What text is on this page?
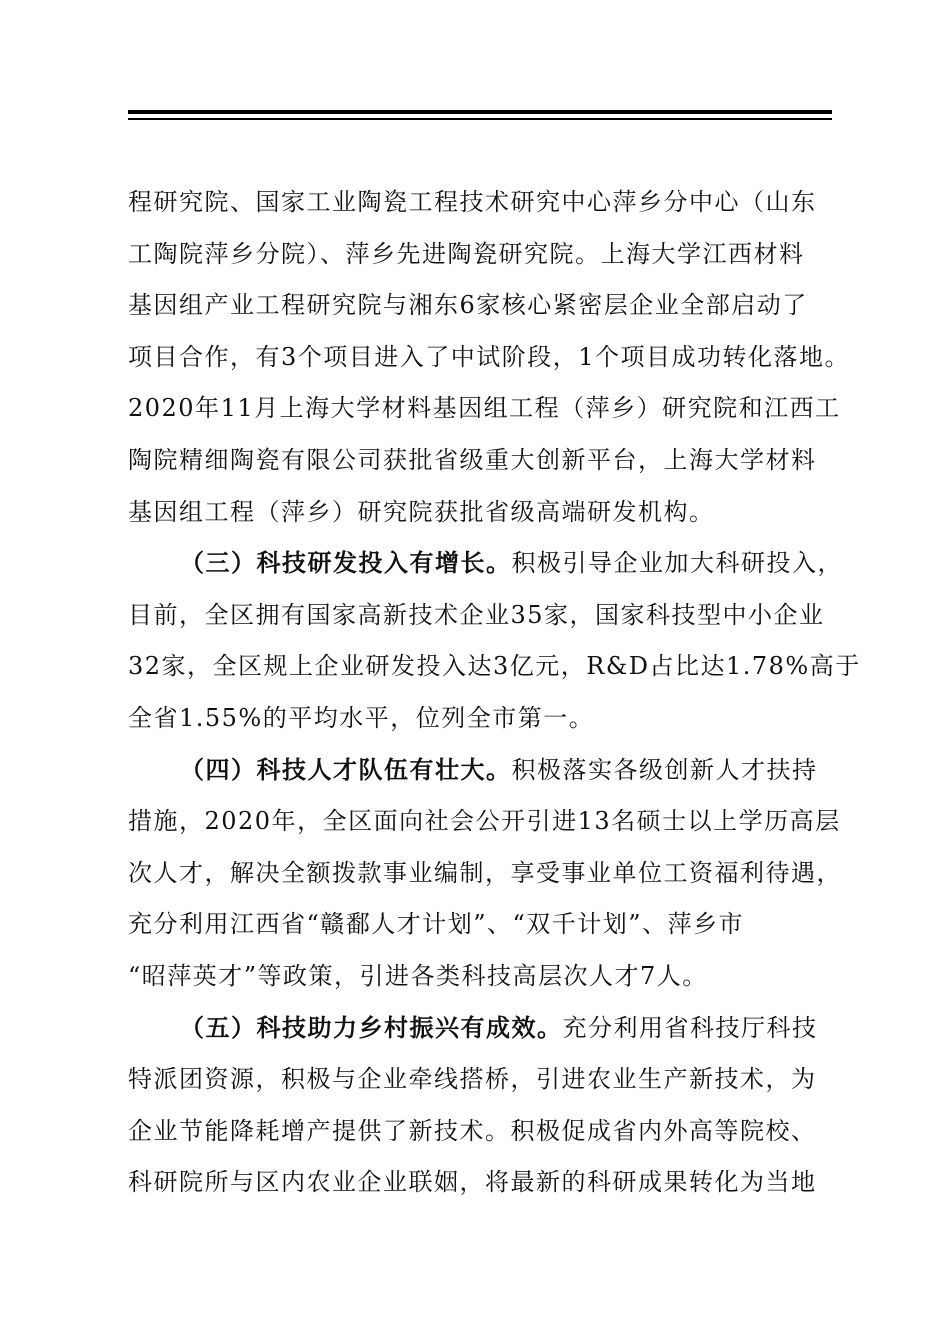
程研究院、国家工业陶瓷工程技术研究中心萍乡分中心（山东
工陶院萍乡分院）、萍乡先进陶瓷研究院。上海大学江西材料
基因组产业工程研究院与湘东6家核心紧密层企业全部启动了
项目合作，有3个项目进入了中试阶段，1个项目成功转化落地。
2020年11月上海大学材料基因组工程（萍乡）研究院和江西工
陶院精细陶瓷有限公司获批省级重大创新平台，上海大学材料
基因组工程（萍乡）研究院获批省级高端研发机构。
（三）科技研发投入有增长。积极引导企业加大科研投入，
目前，全区拥有国家高新技术企业35家，国家科技型中小企业
32家，全区规上企业研发投入达3亿元，R&D占比达1.78%高于
全省1.55%的平均水平，位列全市第一。
（四）科技人才队伍有壮大。积极落实各级创新人才扶持
措施，2020年，全区面向社会公开引进13名硕士以上学历高层
次人才，解决全额拨款事业编制，享受事业单位工资福利待遇，
充分利用江西省“赣鄱人才计划”、“双千计划”、萍乡市
“昭萍英才”等政策，引进各类科技高层次人才7人。
（五）科技助力乡村振兴有成效。充分利用省科技厅科技
特派团资源，积极与企业牵线搭桥，引进农业生产新技术，为
企业节能降耗增产提供了新技术。积极促成省内外高等院校、
科研院所与区内农业企业联姻，将最新的科研成果转化为当地
